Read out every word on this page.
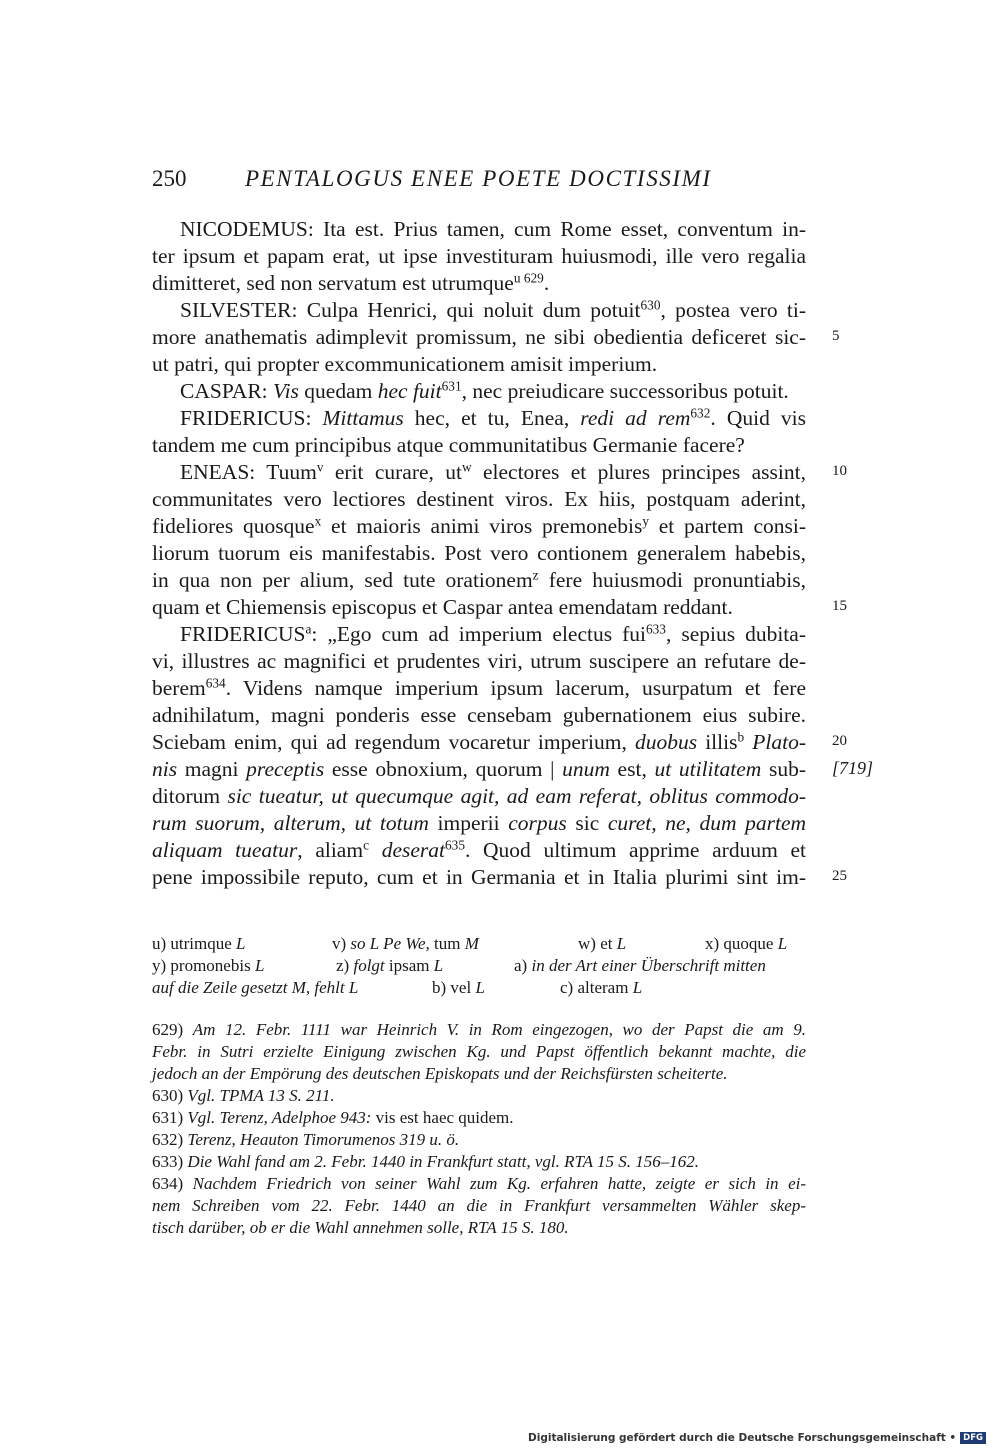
250	PENTALOGUS ENEE POETE DOCTISSIMI
NICODEMUS: Ita est. Prius tamen, cum Rome esset, conventum in-
ter ipsum et papam erat, ut ipse investituram huiusmodi, ille vero regalia
dimitteret, sed non servatum est utrumque$^{u 629}$.
SILVESTER: Culpa Henrici, qui noluit dum potuit$^{630}$, postea vero ti-
more anathematis adimplevit promissum, ne sibi obedientia deficeret sic-
ut patri, qui propter excommunicationem amisit imperium.
CASPAR: Vis quedam hec fuit$^{631}$, nec preiudicare successoribus potuit.
FRIDERICUS: Mittamus hec, et tu, Enea, redi ad rem$^{632}$. Quid vis
tandem me cum principibus atque communitatibus Germanie facere?
ENEAS: Tuum$^v$ erit curare, $ut^w$ electores et plures principes assint,
communitates vero lectiores destinent viros. Ex hiis, postquam aderint,
fideliores quosque$^x$ et maioris animi viros premonebis$^y$ et partem consi-
liorum tuorum eis manifestabis. Post vero contionem generalem habebis,
in qua non per alium, sed tute orationem$^z$ fere huiusmodi pronuntiabis,
quam et Chiemensis episcopus et Caspar antea emendatam reddant.
FRIDERICUS$^a$: „Ego cum ad imperium electus fui$^{633}$, sepius dubita-
vi, illustres ac magnifici et prudentes viri, utrum suscipere an refutare de-
berem$^{634}$. Videns namque imperium ipsum lacerum, usurpatum et fere
adnihilatum, magni ponderis esse censebam gubernationem eius subire.
Sciebam enim, qui ad regendum vocaretur imperium, duobus illis$^b$ Plato-
nis magni preceptis esse obnoxium, quorum | unum est, ut utilitatem sub-
ditorum sic tueatur, ut quecumque agit, ad eam referat, oblitus commodo-
rum suorum, alterum, ut totum imperii corpus sic curet, ne, dum partem
aliquam tueatur, aliam$^c$ deserat$^{635}$. Quod ultimum apprime arduum et
pene impossibile reputo, cum et in Germania et in Italia plurimi sint im-
5
10
15
20
25
[719]
u) utrimque L	v) so L Pe We, tum M	w) et L	x) quoque L
y) promonebis L	z) folgt ipsam L	a) in der Art einer Überschrift mitten
auf die Zeile gesetzt M, fehlt L	b) vel L	c) alteram L
629) Am 12. Febr. 1111 war Heinrich V. in Rom eingezogen, wo der Papst die am 9.
Febr. in Sutri erzielte Einigung zwischen Kg. und Papst öffentlich bekannt machte, die
jedoch an der Empörung des deutschen Episkopats und der Reichsfürsten scheiterte.
630) Vgl. TPMA 13 S. 211.
631) Vgl. Terenz, Adelphoe 943: vis est haec quidem.
632) Terenz, Heauton Timorumenos 319 u. ö.
633) Die Wahl fand am 2. Febr. 1440 in Frankfurt statt, vgl. RTA 15 S. 156–162.
634) Nachdem Friedrich von seiner Wahl zum Kg. erfahren hatte, zeigte er sich in ei-
nem Schreiben vom 22. Febr. 1440 an die in Frankfurt versammelten Wähler skep-
tisch darüber, ob er die Wahl annehmen solle, RTA 15 S. 180.
Digitalisierung gefördert durch die Deutsche Forschungsgemeinschaft • DFG
